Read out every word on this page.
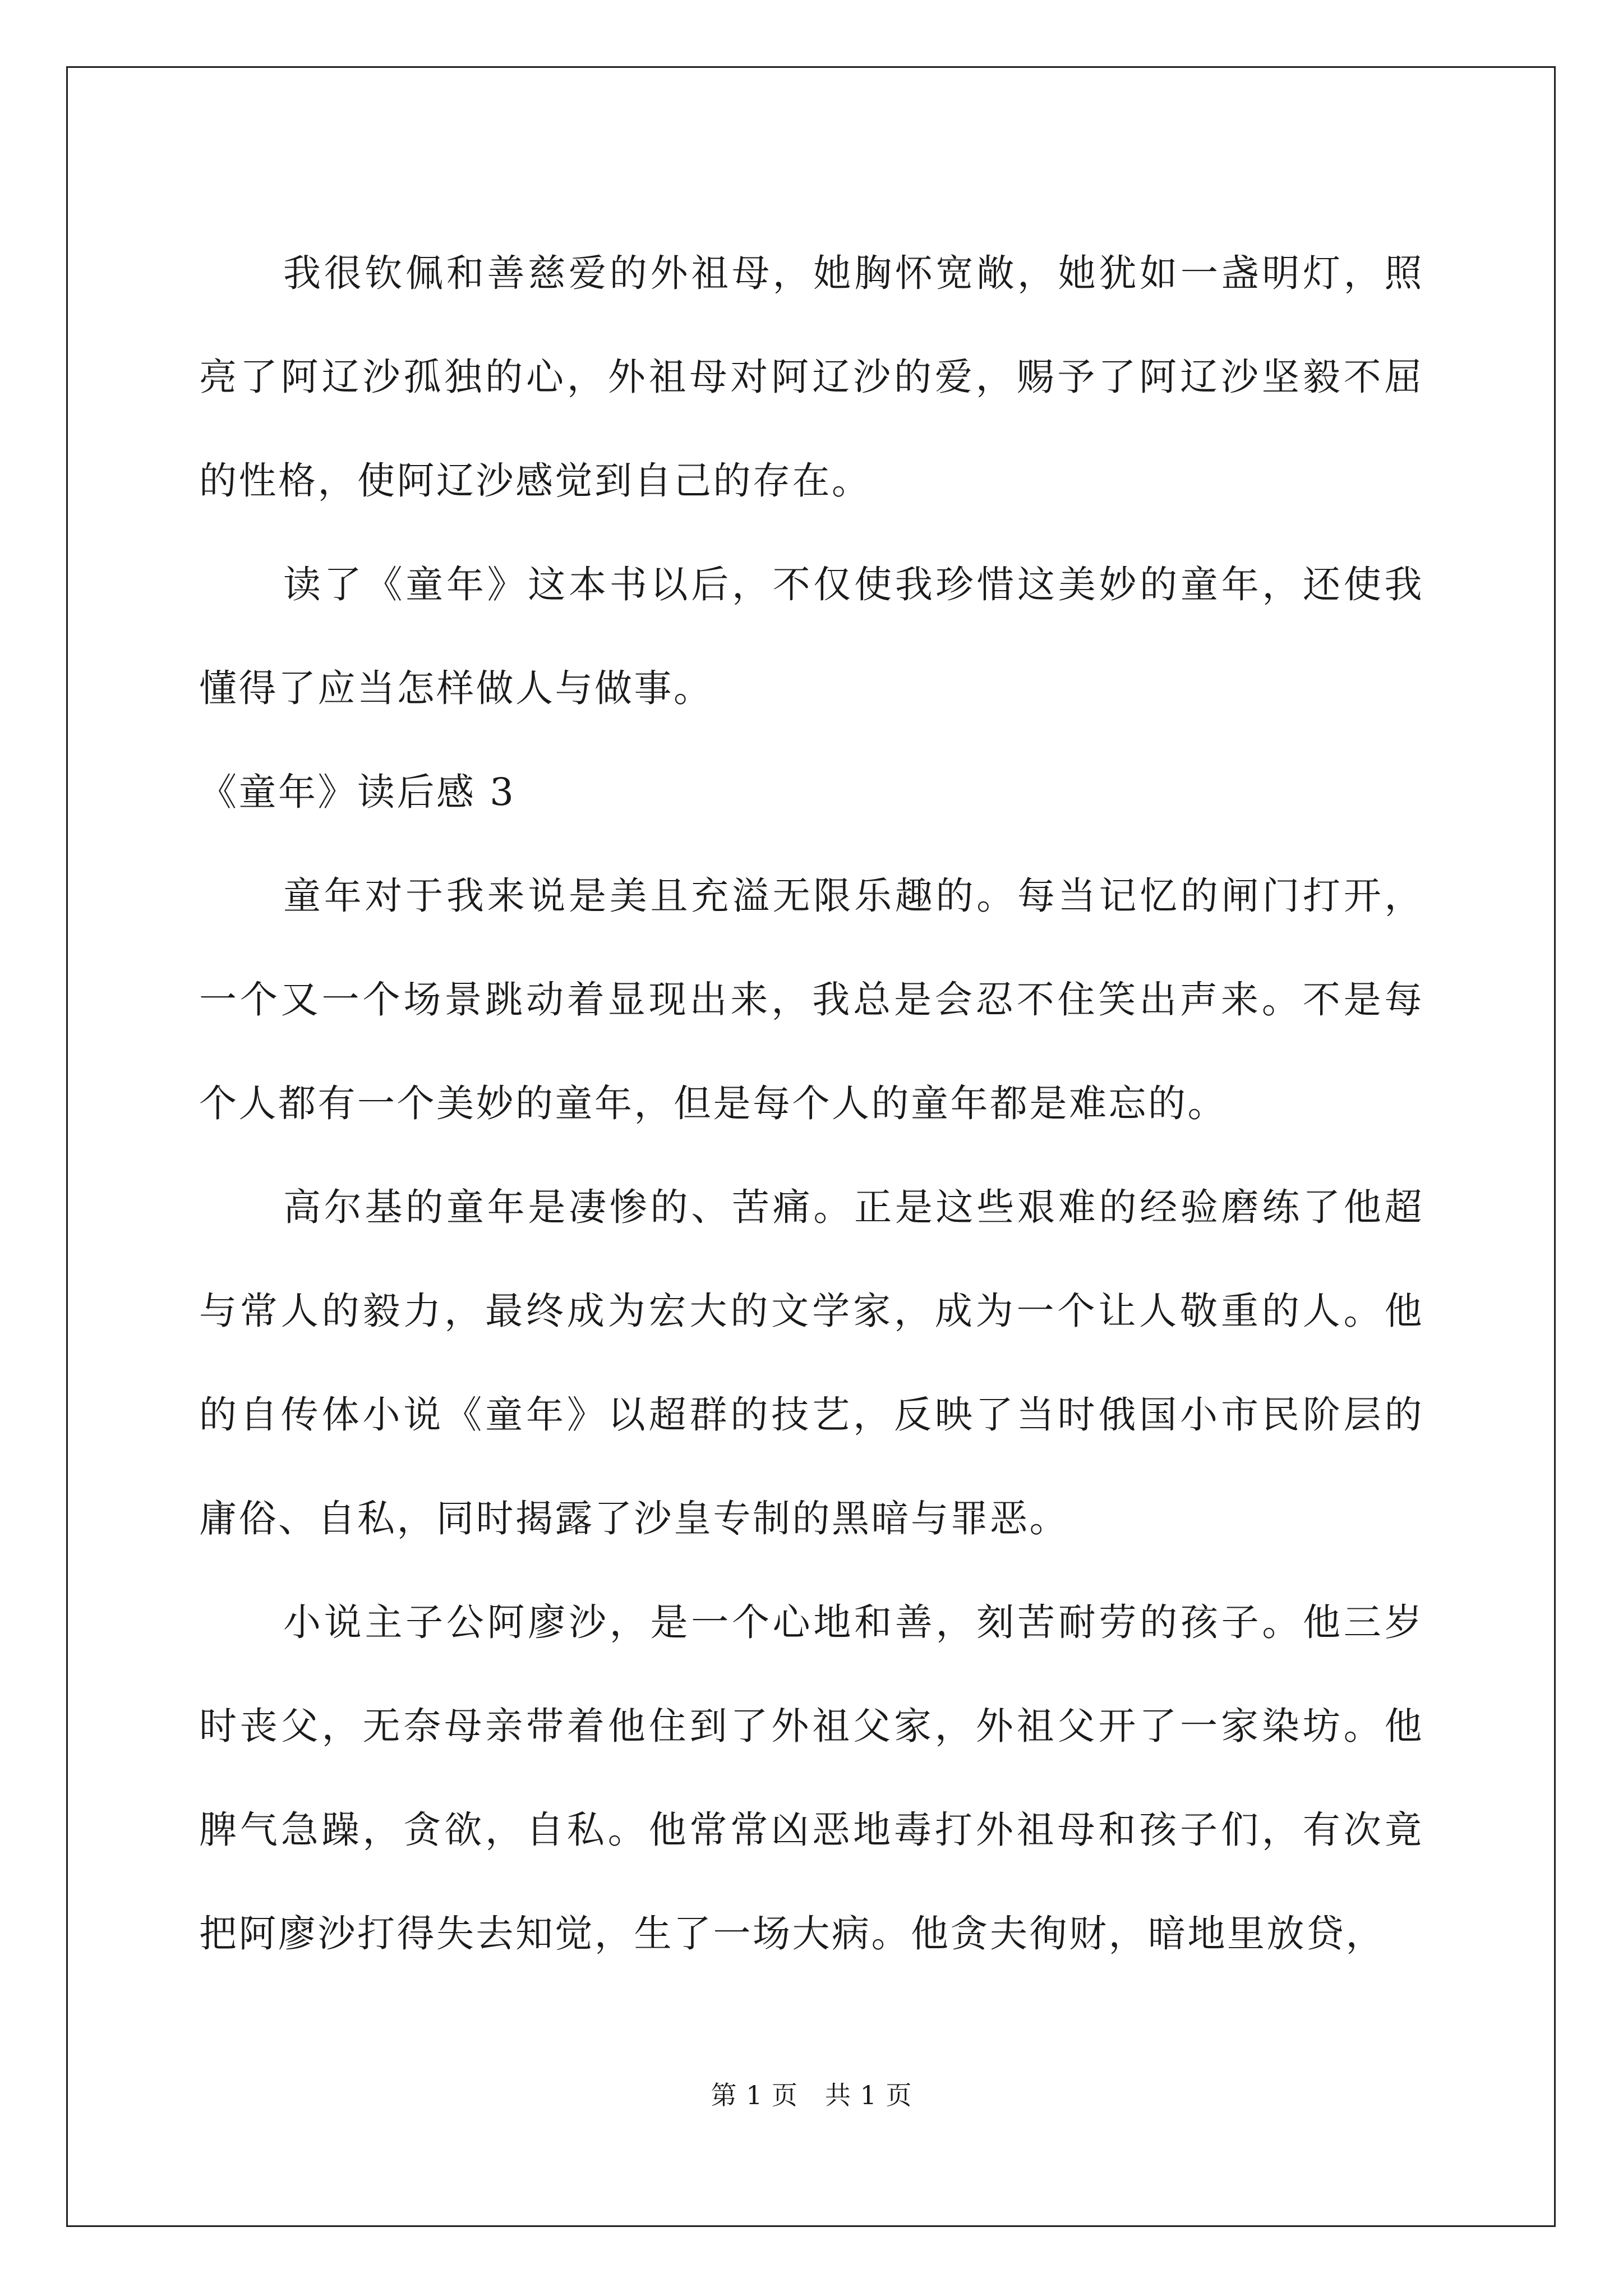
我很钦佩和善慈爱的外祖母，她胸怀宽敞，她犹如一盏明灯，照亮了阿辽沙孤独的心，外祖母对阿辽沙的爱，赐予了阿辽沙坚毅不屈的性格，使阿辽沙感觉到自己的存在。

读了《童年》这本书以后，不仅使我珍惜这美妙的童年，还使我懂得了应当怎样做人与做事。

《童年》读后感 3

童年对于我来说是美且充溢无限乐趣的。每当记忆的闸门打开，一个又一个场景跳动着显现出来，我总是会忍不住笑出声来。不是每个人都有一个美妙的童年，但是每个人的童年都是难忘的。

高尔基的童年是凄惨的、苦痛。正是这些艰难的经验磨练了他超与常人的毅力，最终成为宏大的文学家，成为一个让人敬重的人。他的自传体小说《童年》以超群的技艺，反映了当时俄国小市民阶层的庸俗、自私，同时揭露了沙皇专制的黑暗与罪恶。

小说主子公阿廖沙，是一个心地和善，刻苦耐劳的孩子。他三岁时丧父，无奈母亲带着他住到了外祖父家，外祖父开了一家染坊。他脾气急躁，贪欲，自私。他常常凶恶地毒打外祖母和孩子们，有次竟把阿廖沙打得失去知觉，生了一场大病。他贪夫徇财，暗地里放贷，

第 1 页 共 1 页
